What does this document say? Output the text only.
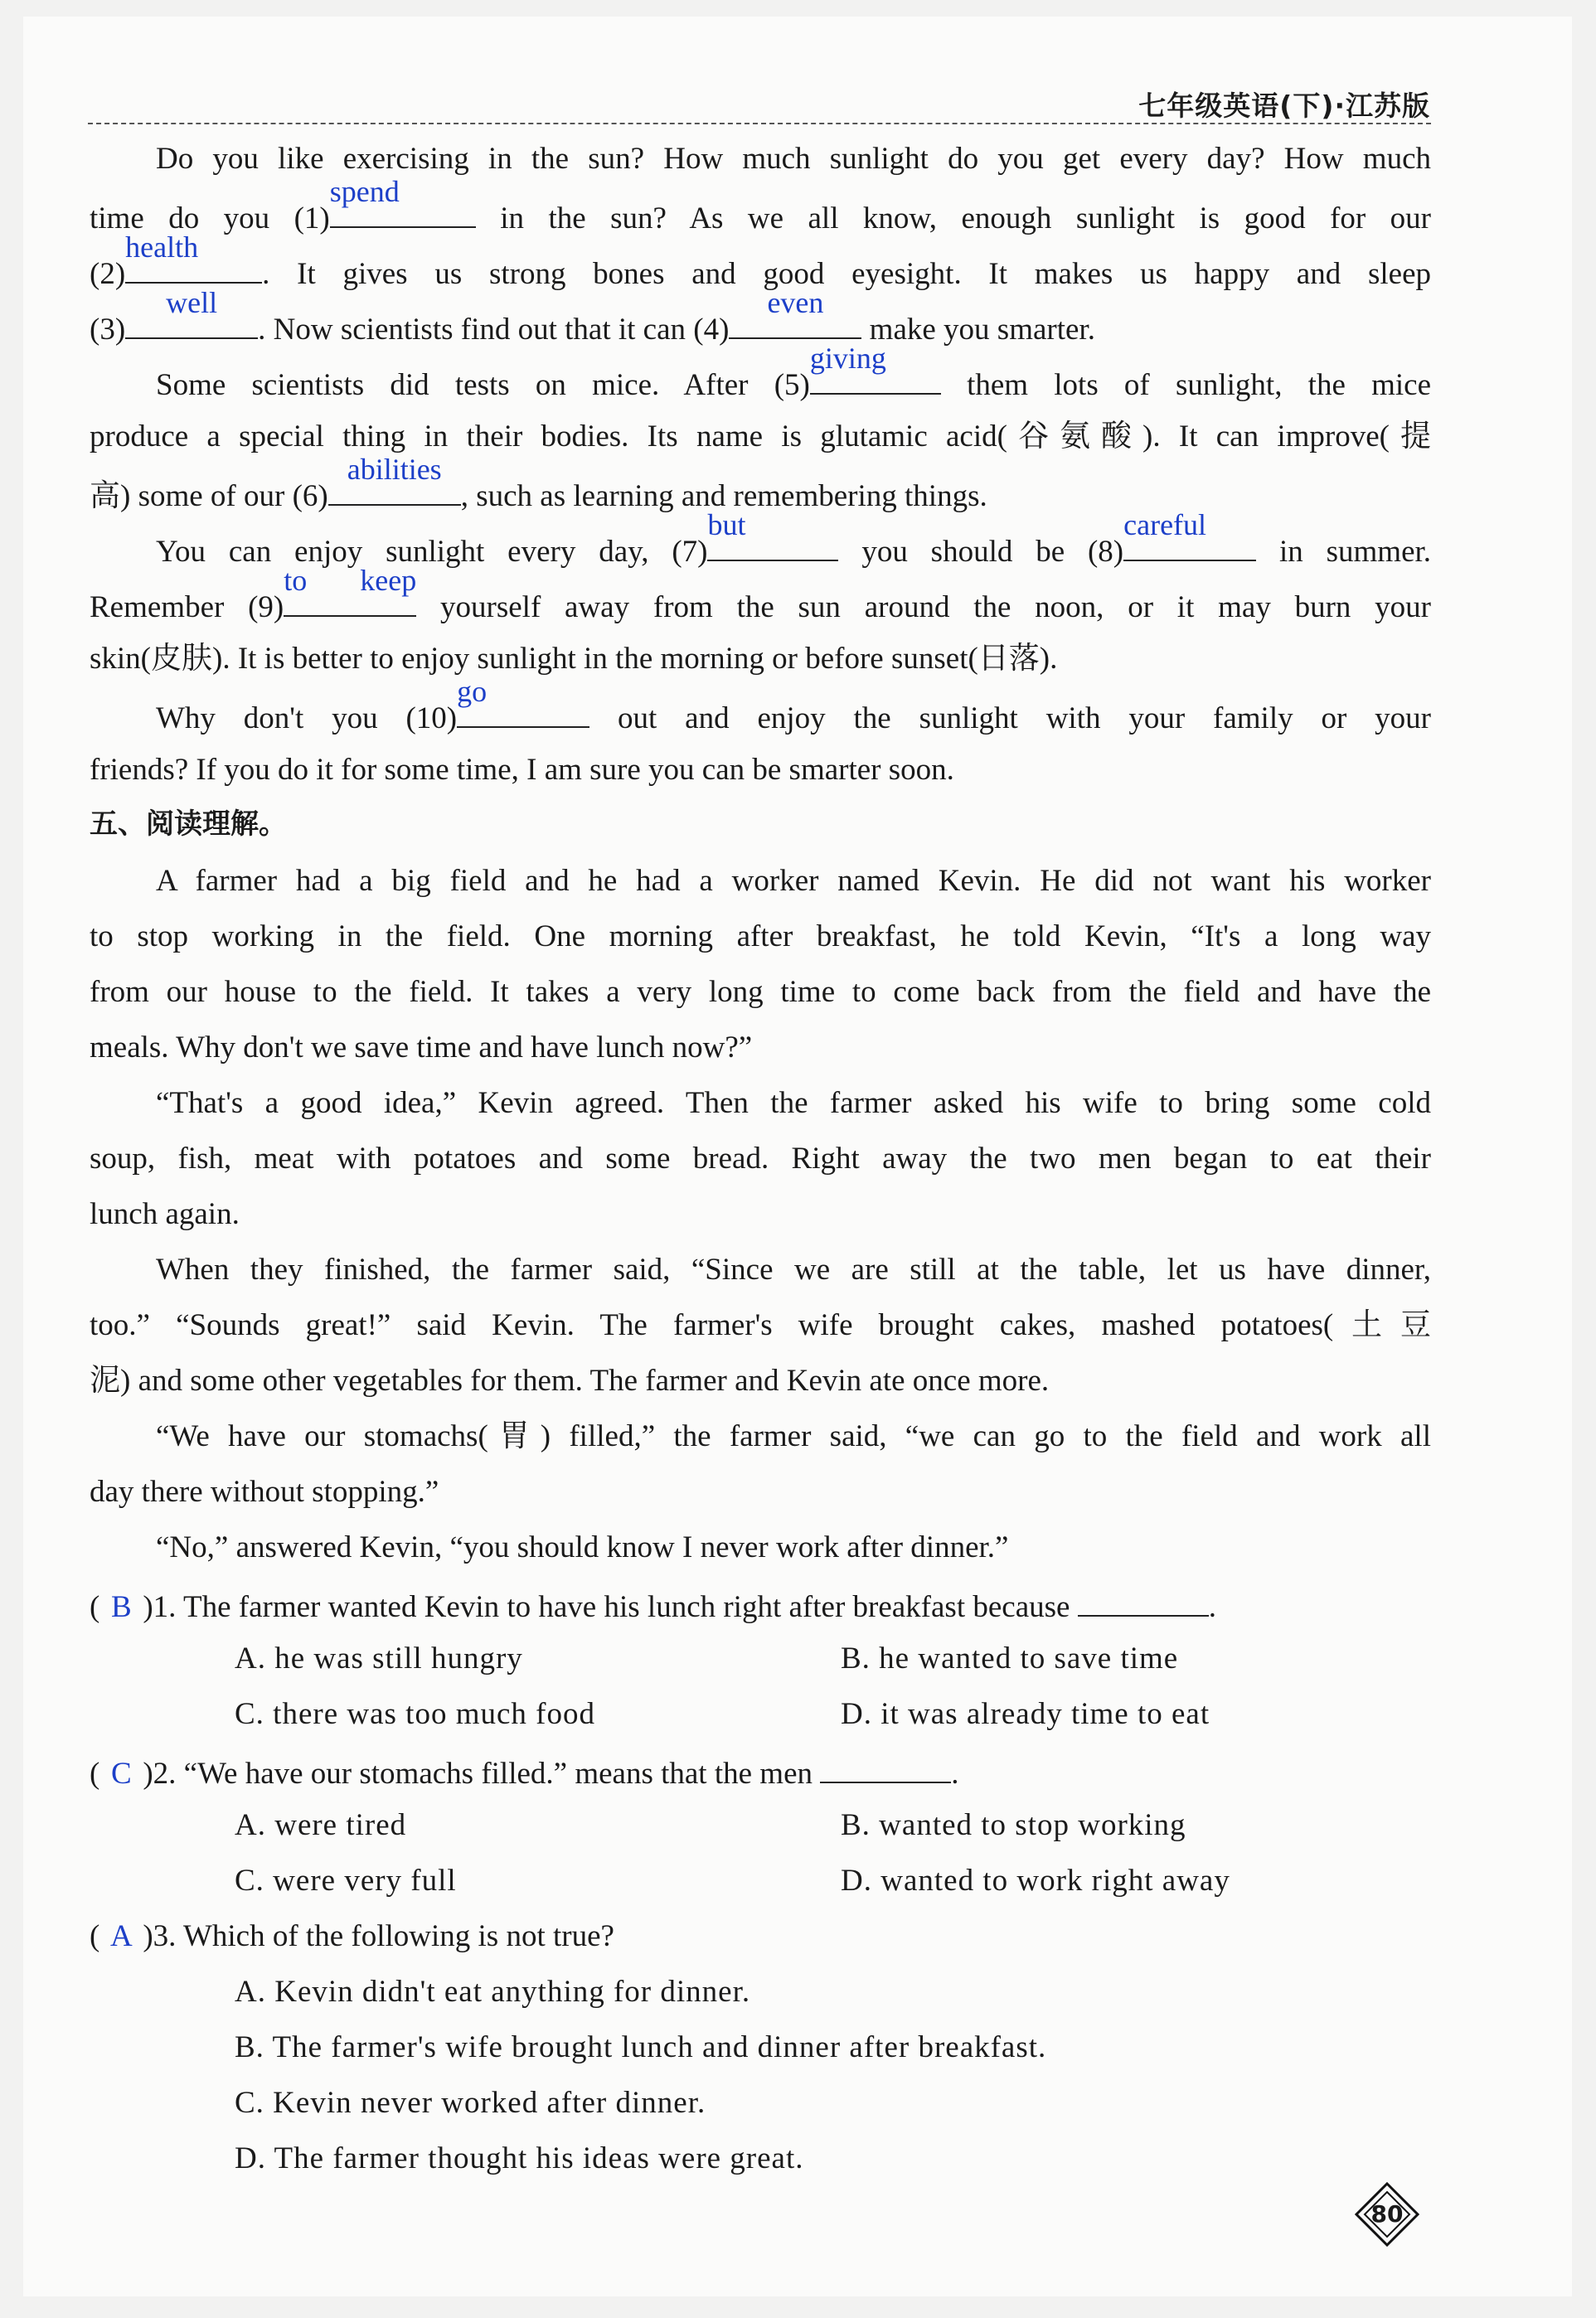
七年级英语(下)·江苏版
Do you like exercising in the sun? How much sunlight do you get every day? How much
time do you (1)
spend
in the sun? As we all know, enough sunlight is good for our
(2)
health
. It gives us strong bones and good eyesight. It makes us happy and sleep
(3)
well
. Now scientists find out that it can (4)
even
make you smarter.
Some scientists did tests on mice. After (5)
giving
them lots of sunlight, the mice
produce a special thing in their bodies. Its name is glutamic acid(谷氨酸). It can improve(提
高) some of our (6)
abilities
, such as learning and remembering things.
You can enjoy sunlight every day, (7)
but
you should be (8)
careful
in summer.
Remember (9)
to keep
yourself away from the sun around the noon, or it may burn your
skin(皮肤). It is better to enjoy sunlight in the morning or before sunset(日落).
Why don't you (10)
go
out and enjoy the sunlight with your family or your
friends? If you do it for some time, I am sure you can be smarter soon.
五、阅读理解。
A farmer had a big field and he had a worker named Kevin. He did not want his worker
to stop working in the field. One morning after breakfast, he told Kevin, “It's a long way
from our house to the field. It takes a very long time to come back from the field and have the
meals. Why don't we save time and have lunch now?”
“That's a good idea,” Kevin agreed. Then the farmer asked his wife to bring some cold
soup, fish, meat with potatoes and some bread. Right away the two men began to eat their
lunch again.
When they finished, the farmer said, “Since we are still at the table, let us have dinner,
too.” “Sounds great!” said Kevin. The farmer's wife brought cakes, mashed potatoes(土豆
泥) and some other vegetables for them. The farmer and Kevin ate once more.
“We have our stomachs(胃) filled,” the farmer said, “we can go to the field and work all
day there without stopping.”
“No,” answered Kevin, “you should know I never work after dinner.”
( B )1. The farmer wanted Kevin to have his lunch right after breakfast because	.
A. he was still hungry	B. he wanted to save time
C. there was too much food	D. it was already time to eat
( C )2. “We have our stomachs filled.” means that the men	.
A. were tired	B. wanted to stop working
C. were very full	D. wanted to work right away
( A )3. Which of the following is not true?
A. Kevin didn't eat anything for dinner.
B. The farmer's wife brought lunch and dinner after breakfast.
C. Kevin never worked after dinner.
D. The farmer thought his ideas were great.
80
